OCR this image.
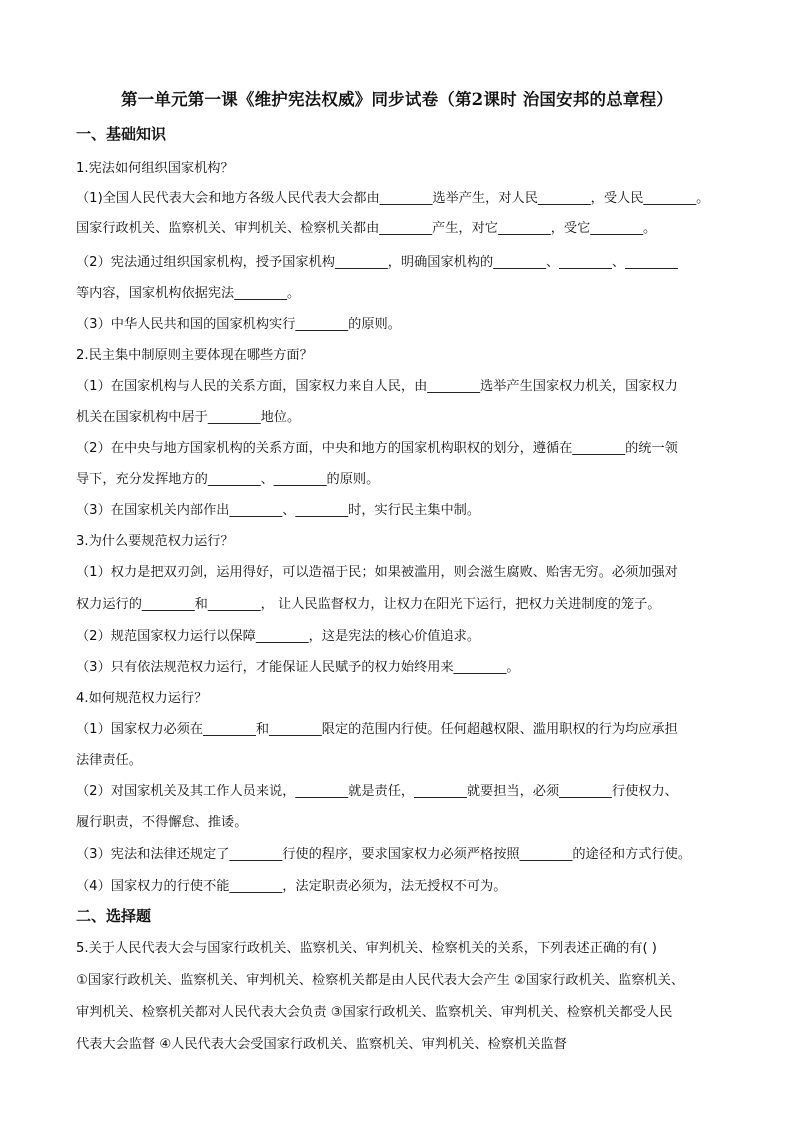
第一单元第一课《维护宪法权威》同步试卷（第2课时 治国安邦的总章程）
一、基础知识
1.宪法如何组织国家机构？
（1)全国人民代表大会和地方各级人民代表大会都由________选举产生，对人民________，受人民________。
国家行政机关、监察机关、审判机关、检察机关都由________产生，对它________，受它________。
（2）宪法通过组织国家机构，授予国家机构________，明确国家机构的________、________、________
等内容，国家机构依据宪法________。
（3）中华人民共和国的国家机构实行________的原则。
2.民主集中制原则主要体现在哪些方面？
（1）在国家机构与人民的关系方面，国家权力来自人民，由________选举产生国家权力机关，国家权力
机关在国家机构中居于________地位。
（2）在中央与地方国家机构的关系方面，中央和地方的国家机构职权的划分，遵循在________的统一领
导下，充分发挥地方的________、________的原则。
（3）在国家机关内部作出________、________时，实行民主集中制。
3.为什么要规范权力运行？
（1）权力是把双刃剑，运用得好，可以造福于民；如果被滥用，则会滋生腐败、贻害无穷。必须加强对
权力运行的________和________， 让人民监督权力，让权力在阳光下运行，把权力关进制度的笼子。
（2）规范国家权力运行以保障________，这是宪法的核心价值追求。
（3）只有依法规范权力运行，才能保证人民赋予的权力始终用来________。
4.如何规范权力运行？
（1）国家权力必须在________和________限定的范围内行使。任何超越权限、滥用职权的行为均应承担
法律责任。
（2）对国家机关及其工作人员来说，________就是责任，________就要担当，必须________行使权力、
履行职责，不得懈怠、推诿。
（3）宪法和法律还规定了________行使的程序，要求国家权力必须严格按照________的途径和方式行使。
（4）国家权力的行使不能________，法定职责必须为，法无授权不可为。
二、选择题
5.关于人民代表大会与国家行政机关、监察机关、审判机关、检察机关的关系，下列表述正确的有( )
①国家行政机关、监察机关、审判机关、检察机关都是由人民代表大会产生 ②国家行政机关、监察机关、
审判机关、检察机关都对人民代表大会负责 ③国家行政机关、监察机关、审判机关、检察机关都受人民
代表大会监督 ④人民代表大会受国家行政机关、监察机关、审判机关、检察机关监督
